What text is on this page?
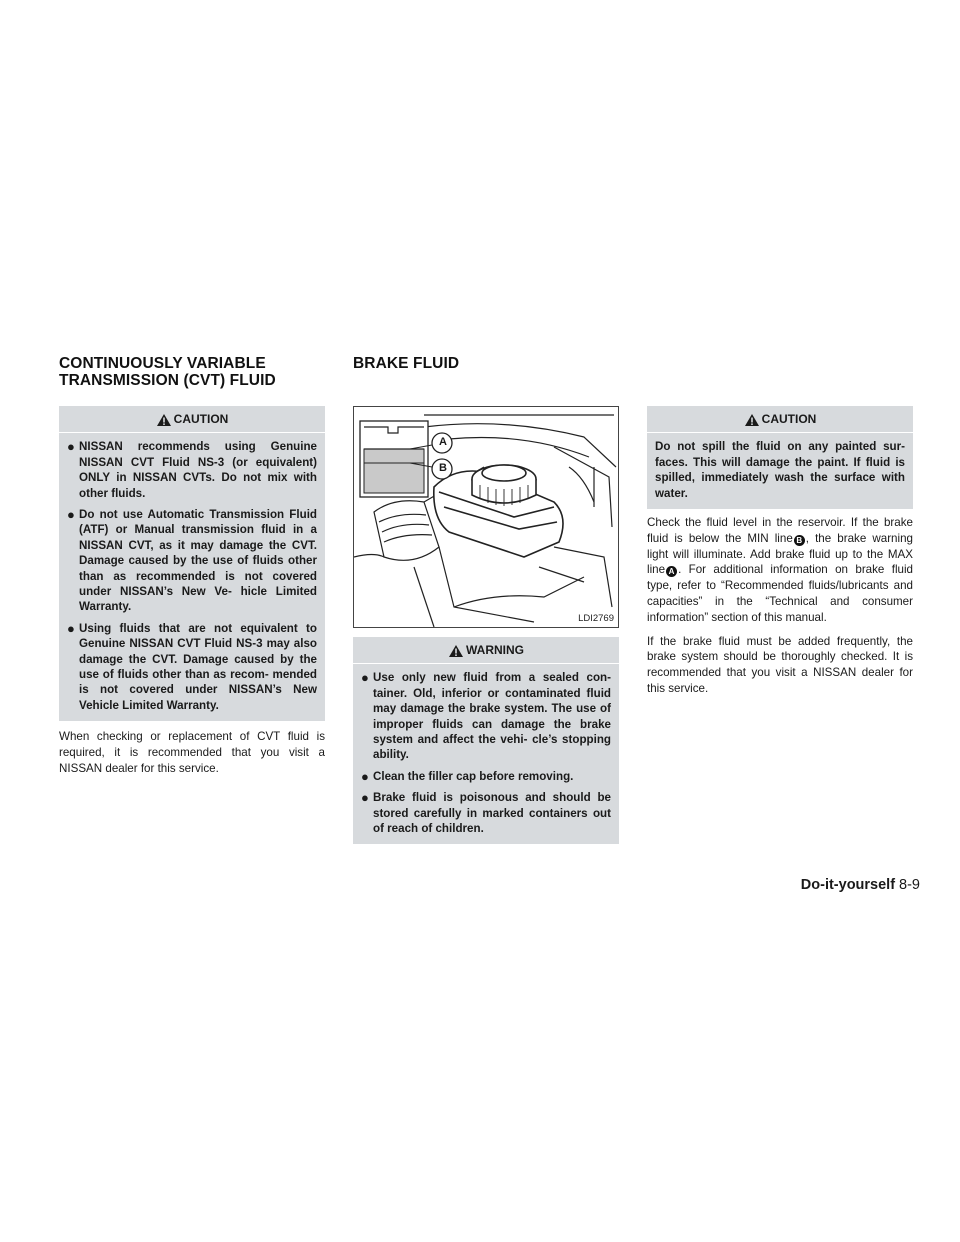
CONTINUOUSLY VARIABLE
TRANSMISSION (CVT) FLUID
BRAKE FLUID
CAUTION
● NISSAN recommends using Genuine NISSAN CVT Fluid NS-3 (or equivalent) ONLY in NISSAN CVTs. Do not mix with other fluids.
● Do not use Automatic Transmission Fluid (ATF) or Manual transmission fluid in a NISSAN CVT, as it may damage the CVT. Damage caused by the use of fluids other than as recommended is not covered under NISSAN’s New Ve- hicle Limited Warranty.
● Using fluids that are not equivalent to Genuine NISSAN CVT Fluid NS-3 may also damage the CVT. Damage caused by the use of fluids other than as recom- mended is not covered under NISSAN’s New Vehicle Limited Warranty.

When checking or replacement of CVT fluid is required, it is recommended that you visit a NISSAN dealer for this service.

A
B
LDI2769
WARNING
● Use only new fluid from a sealed con- tainer. Old, inferior or contaminated fluid may damage the brake system. The use of improper fluids can damage the brake system and affect the vehi- cle’s stopping ability.
● Clean the filler cap before removing.
● Brake fluid is poisonous and should be stored carefully in marked containers out of reach of children.
CAUTION
Do not spill the fluid on any painted sur- faces. This will damage the paint. If fluid is spilled, immediately wash the surface with water.

Check the fluid level in the reservoir. If the brake fluid is below the MIN line B , the brake warning light will illuminate. Add brake fluid up to the MAX line A . For additional information on brake fluid type, refer to “Recommended fluids/lubricants and capacities” in the “Technical and consumer information” section of this manual.

If the brake fluid must be added frequently, the brake system should be thoroughly checked. It is recommended that you visit a NISSAN dealer for this service.

Do-it-yourself 8-9
